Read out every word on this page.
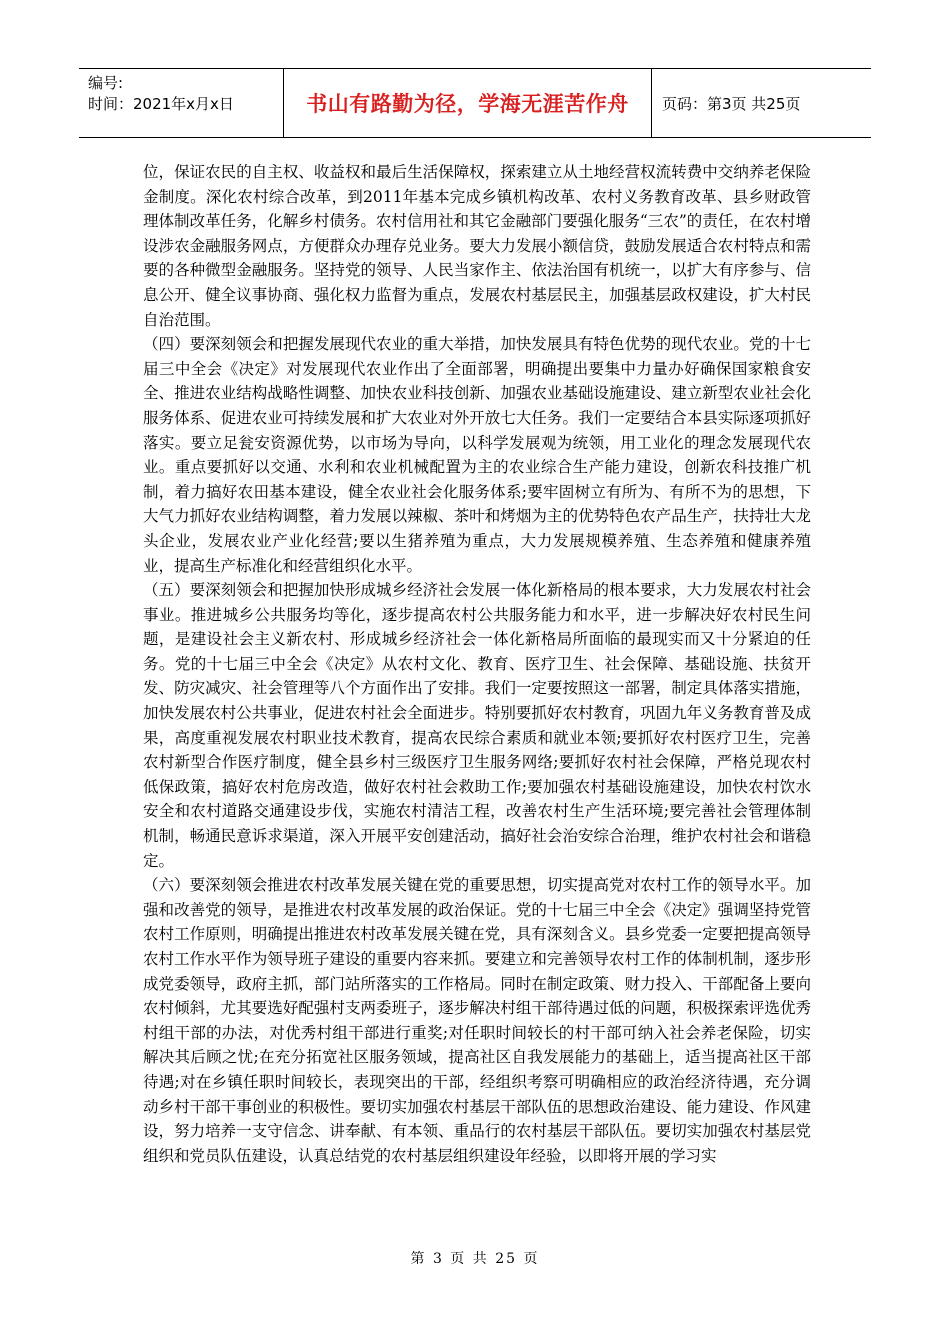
编号:
时间：2021年x月x日	书山有路勤为径，学海无涯苦作舟	页码：第3页 共25页

位，保证农民的自主权、收益权和最后生活保障权，探索建立从土地经营权流转费中交纳养老保险金制度。深化农村综合改革，到2011年基本完成乡镇机构改革、农村义务教育改革、县乡财政管理体制改革任务，化解乡村债务。农村信用社和其它金融部门要强化服务“三农”的责任，在农村增设涉农金融服务网点，方便群众办理存兑业务。要大力发展小额信贷，鼓励发展适合农村特点和需要的各种微型金融服务。坚持党的领导、人民当家作主、依法治国有机统一，以扩大有序参与、信息公开、健全议事协商、强化权力监督为重点，发展农村基层民主，加强基层政权建设，扩大村民自治范围。

（四）要深刻领会和把握发展现代农业的重大举措，加快发展具有特色优势的现代农业。党的十七届三中全会《决定》对发展现代农业作出了全面部署，明确提出要集中力量办好确保国家粮食安全、推进农业结构战略性调整、加快农业科技创新、加强农业基础设施建设、建立新型农业社会化服务体系、促进农业可持续发展和扩大农业对外开放七大任务。我们一定要结合本县实际逐项抓好落实。要立足瓮安资源优势，以市场为导向，以科学发展观为统领，用工业化的理念发展现代农业。重点要抓好以交通、水利和农业机械配置为主的农业综合生产能力建设，创新农科技推广机制，着力搞好农田基本建设，健全农业社会化服务体系;要牢固树立有所为、有所不为的思想，下大气力抓好农业结构调整，着力发展以辣椒、茶叶和烤烟为主的优势特色农产品生产，扶持壮大龙头企业，发展农业产业化经营;要以生猪养殖为重点，大力发展规模养殖、生态养殖和健康养殖业，提高生产标准化和经营组织化水平。

（五）要深刻领会和把握加快形成城乡经济社会发展一体化新格局的根本要求，大力发展农村社会事业。推进城乡公共服务均等化，逐步提高农村公共服务能力和水平，进一步解决好农村民生问题，是建设社会主义新农村、形成城乡经济社会一体化新格局所面临的最现实而又十分紧迫的任务。党的十七届三中全会《决定》从农村文化、教育、医疗卫生、社会保障、基础设施、扶贫开发、防灾减灾、社会管理等八个方面作出了安排。我们一定要按照这一部署，制定具体落实措施，加快发展农村公共事业，促进农村社会全面进步。特别要抓好农村教育，巩固九年义务教育普及成果，高度重视发展农村职业技术教育，提高农民综合素质和就业本领;要抓好农村医疗卫生，完善农村新型合作医疗制度，健全县乡村三级医疗卫生服务网络;要抓好农村社会保障，严格兑现农村低保政策，搞好农村危房改造，做好农村社会救助工作;要加强农村基础设施建设，加快农村饮水安全和农村道路交通建设步伐，实施农村清洁工程，改善农村生产生活环境;要完善社会管理体制机制，畅通民意诉求渠道，深入开展平安创建活动，搞好社会治安综合治理，维护农村社会和谐稳定。

（六）要深刻领会推进农村改革发展关键在党的重要思想，切实提高党对农村工作的领导水平。加强和改善党的领导，是推进农村改革发展的政治保证。党的十七届三中全会《决定》强调坚持党管农村工作原则，明确提出推进农村改革发展关键在党，具有深刻含义。县乡党委一定要把提高领导农村工作水平作为领导班子建设的重要内容来抓。要建立和完善领导农村工作的体制机制，逐步形成党委领导，政府主抓，部门站所落实的工作格局。同时在制定政策、财力投入、干部配备上要向农村倾斜，尤其要选好配强村支两委班子，逐步解决村组干部待遇过低的问题，积极探索评选优秀村组干部的办法，对优秀村组干部进行重奖;对任职时间较长的村干部可纳入社会养老保险，切实解决其后顾之忧;在充分拓宽社区服务领域，提高社区自我发展能力的基础上，适当提高社区干部待遇;对在乡镇任职时间较长，表现突出的干部，经组织考察可明确相应的政治经济待遇，充分调动乡村干部干事创业的积极性。要切实加强农村基层干部队伍的思想政治建设、能力建设、作风建设，努力培养一支守信念、讲奉献、有本领、重品行的农村基层干部队伍。要切实加强农村基层党组织和党员队伍建设，认真总结党的农村基层组织建设年经验，以即将开展的学习实

第 3 页 共 25 页
